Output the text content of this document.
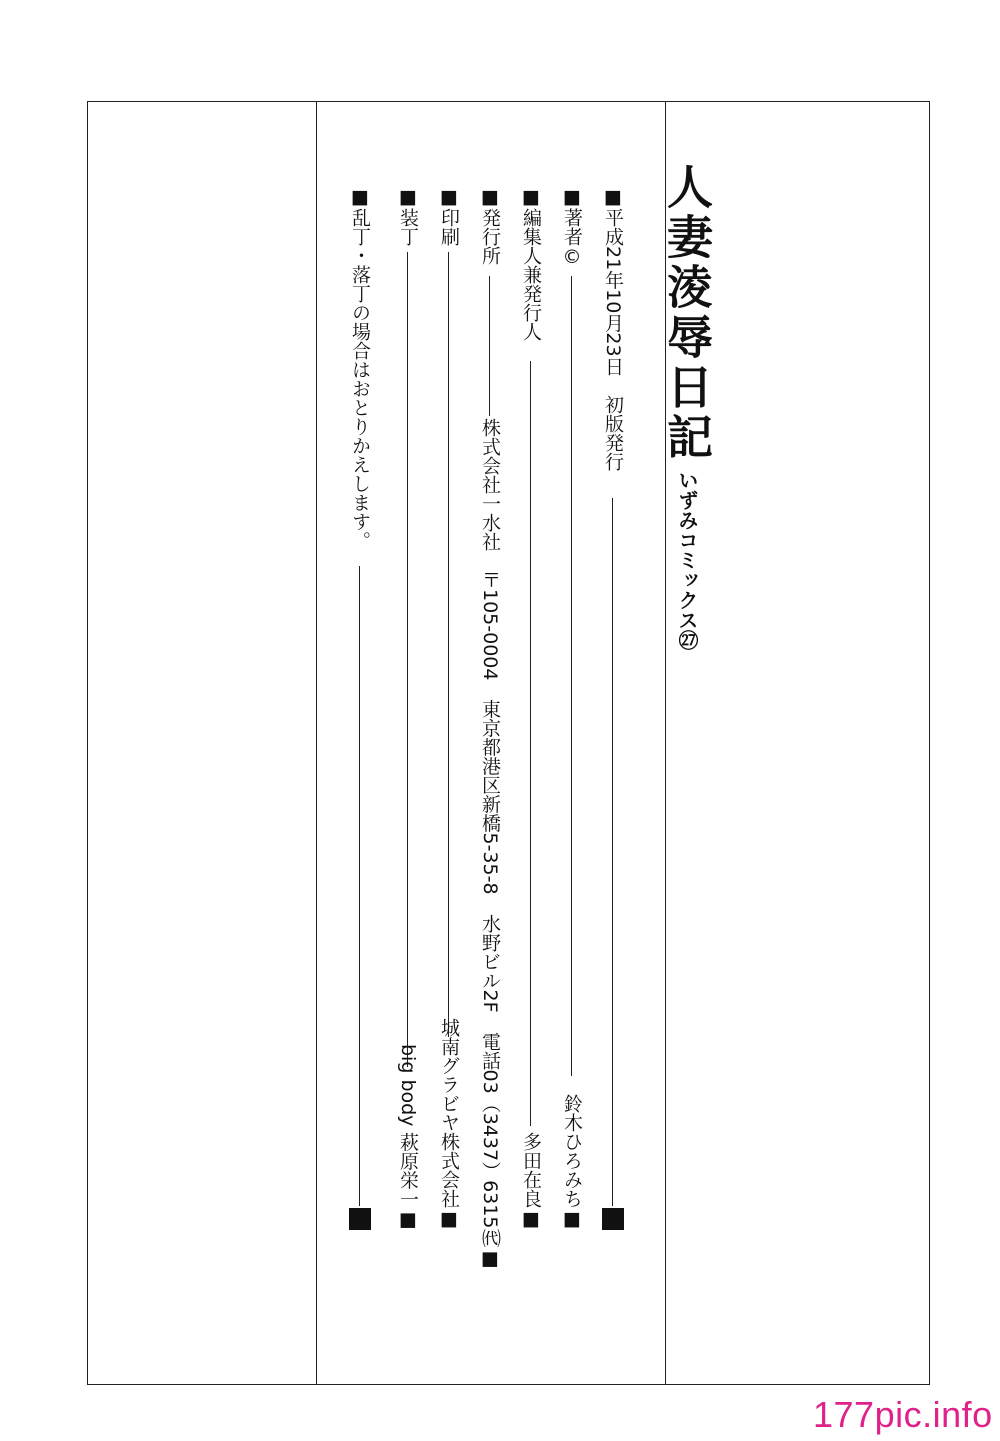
人妻淩辱日記
いずみコミックス㉗
■平成21年10月23日　初版発行
■著者©
鈴木ひろみち■
■編集人兼発行人
多田在良■
■発行所
株式会社一水社　〒105-0004　東京都港区新橋5-35-8　水野ビル2F　電話03（3437）6315㈹■
■印刷
城南グラビヤ株式会社■
■装丁
big body 萩原栄一■
■乱丁・落丁の場合はおとりかえします。
177pic.info
